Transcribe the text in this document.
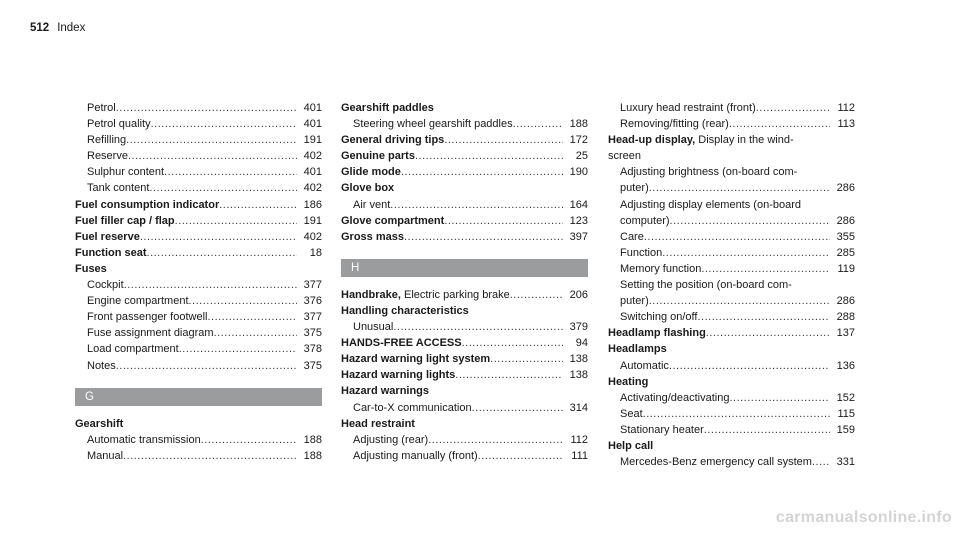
512 Index
Petrol .....	401
Petrol quality .....	401
Refilling .....	191
Reserve .....	402
Sulphur content .....	401
Tank content .....	402
Fuel consumption indicator .....	186
Fuel filler cap / flap .....	191
Fuel reserve .....	402
Function seat .....	18
Fuses
Cockpit .....	377
Engine compartment .....	376
Front passenger footwell .....	377
Fuse assignment diagram .....	375
Load compartment .....	378
Notes .....	375
G
Gearshift
Automatic transmission .....	188
Manual .....	188
Gearshift paddles
Steering wheel gearshift paddles .....	188
General driving tips .....	172
Genuine parts .....	25
Glide mode .....	190
Glove box
Air vent .....	164
Glove compartment .....	123
Gross mass .....	397
H
Handbrake, Electric parking brake .....	206
Handling characteristics
Unusual .....	379
HANDS-FREE ACCESS .....	94
Hazard warning light system .....	138
Hazard warning lights .....	138
Hazard warnings
Car-to-X communication .....	314
Head restraint
Adjusting (rear) .....	112
Adjusting manually (front) .....	111
Luxury head restraint (front) .....	112
Removing/fitting (rear) .....	113
Head-up display, Display in the wind-
screen
Adjusting brightness (on-board com-
puter) .....	286
Adjusting display elements (on-board
computer) .....	286
Care .....	355
Function .....	285
Memory function .....	119
Setting the position (on-board com-
puter) .....	286
Switching on/off .....	288
Headlamp flashing .....	137
Headlamps
Automatic .....	136
Heating
Activating/deactivating .....	152
Seat .....	115
Stationary heater .....	159
Help call
Mercedes-Benz emergency call system .....	331
carmanualsonline.info
